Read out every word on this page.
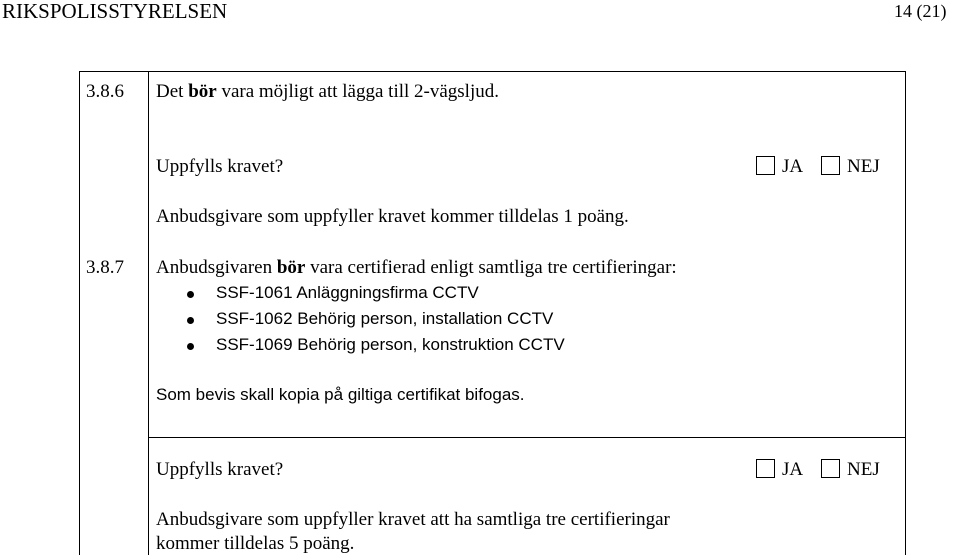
RIKSPOLISSTYRELSEN	14 (21)
3.8.6 Det bör vara möjligt att lägga till 2-vägsljud.
Uppfylls kravet?	JA NEJ
Anbudsgivare som uppfyller kravet kommer tilldelas 1 poäng.
3.8.7 Anbudsgivaren bör vara certifierad enligt samtliga tre certifieringar:
SSF-1061 Anläggningsfirma CCTV
SSF-1062 Behörig person, installation CCTV
SSF-1069 Behörig person, konstruktion CCTV
Som bevis skall kopia på giltiga certifikat bifogas.
Uppfylls kravet?	JA NEJ
Anbudsgivare som uppfyller kravet att ha samtliga tre certifieringar
kommer tilldelas 5 poäng.
